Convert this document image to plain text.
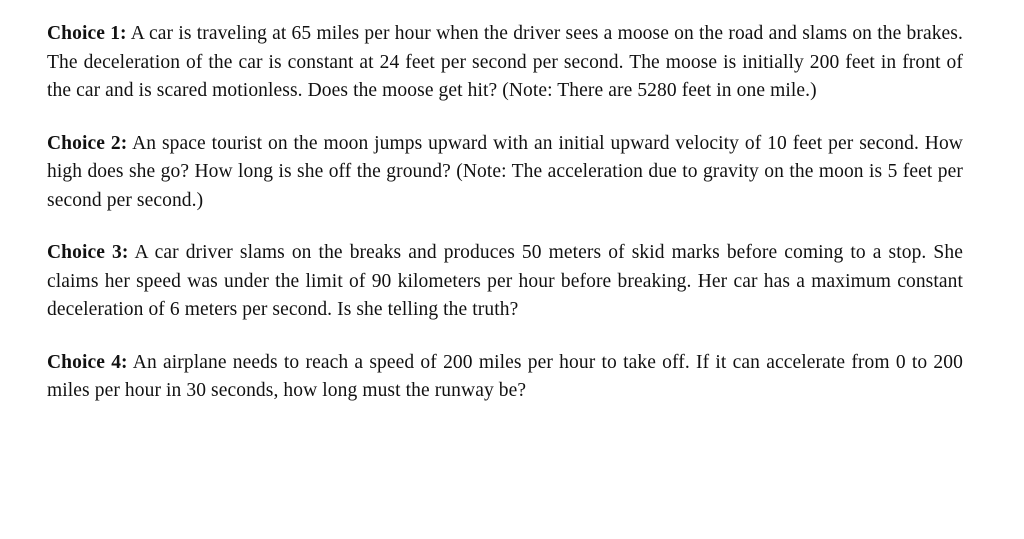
Choice 1: A car is traveling at 65 miles per hour when the driver sees a moose on the road and slams on the brakes. The deceleration of the car is constant at 24 feet per second per second. The moose is initially 200 feet in front of the car and is scared motionless. Does the moose get hit? (Note: There are 5280 feet in one mile.)

Choice 2: An space tourist on the moon jumps upward with an initial upward velocity of 10 feet per second. How high does she go? How long is she off the ground? (Note: The acceleration due to gravity on the moon is 5 feet per second per second.)

Choice 3: A car driver slams on the breaks and produces 50 meters of skid marks before coming to a stop. She claims her speed was under the limit of 90 kilometers per hour before breaking. Her car has a maximum constant deceleration of 6 meters per second. Is she telling the truth?

Choice 4: An airplane needs to reach a speed of 200 miles per hour to take off. If it can accelerate from 0 to 200 miles per hour in 30 seconds, how long must the runway be?
